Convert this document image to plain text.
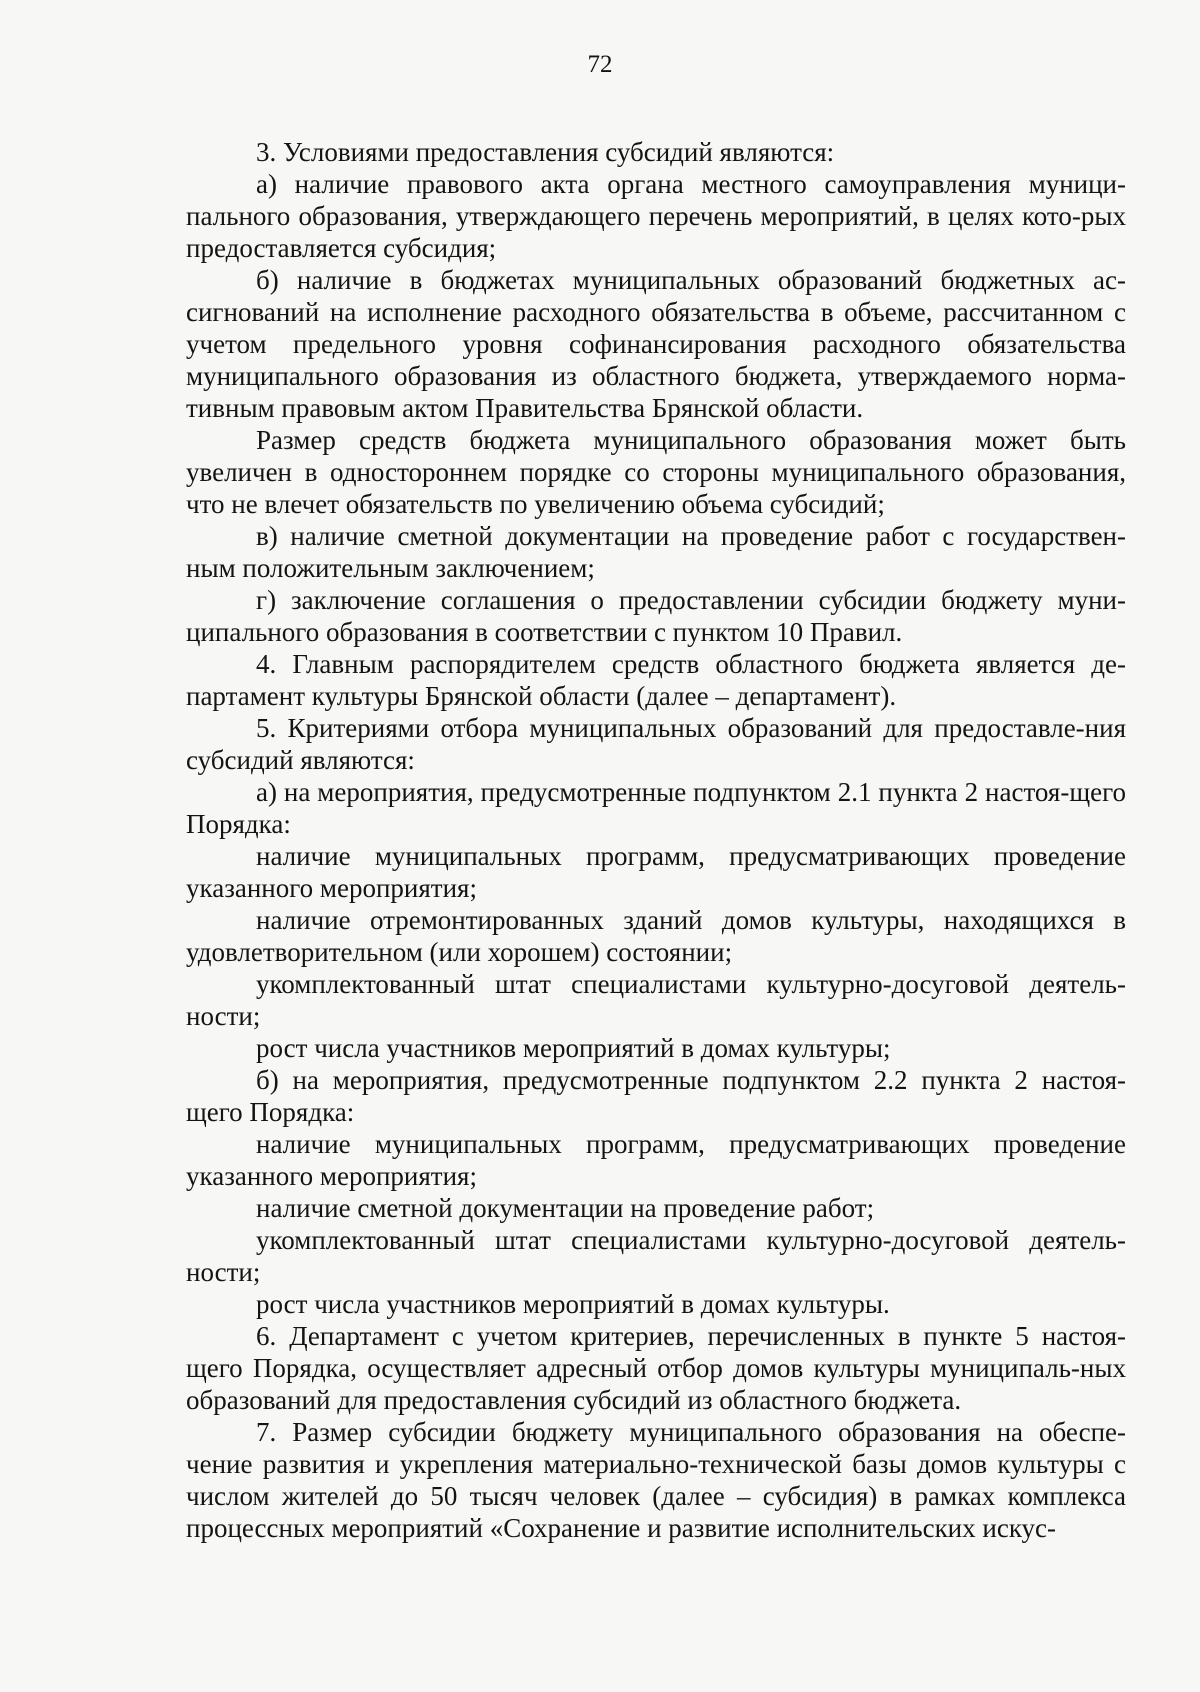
72

3. Условиями предоставления субсидий являются:

а) наличие правового акта органа местного самоуправления муници-пального образования, утверждающего перечень мероприятий, в целях кото-рых предоставляется субсидия;

б) наличие в бюджетах муниципальных образований бюджетных ас-сигнований на исполнение расходного обязательства в объеме, рассчитанном с учетом предельного уровня софинансирования расходного обязательства муниципального образования из областного бюджета, утверждаемого норма-тивным правовым актом Правительства Брянской области.

Размер средств бюджета муниципального образования может быть увеличен в одностороннем порядке со стороны муниципального образования, что не влечет обязательств по увеличению объема субсидий;

в) наличие сметной документации на проведение работ с государствен-ным положительным заключением;

г) заключение соглашения о предоставлении субсидии бюджету муни-ципального образования в соответствии с пунктом 10 Правил.

4. Главным распорядителем средств областного бюджета является де-партамент культуры Брянской области (далее – департамент).

5. Критериями отбора муниципальных образований для предоставле-ния субсидий являются:

а) на мероприятия, предусмотренные подпунктом 2.1 пункта 2 настоя-щего Порядка:

наличие муниципальных программ, предусматривающих проведение указанного мероприятия;

наличие отремонтированных зданий домов культуры, находящихся в удовлетворительном (или хорошем) состоянии;

укомплектованный штат специалистами культурно-досуговой деятель-ности;

рост числа участников мероприятий в домах культуры;

б) на мероприятия, предусмотренные подпунктом 2.2 пункта 2 настоя-щего Порядка:

наличие муниципальных программ, предусматривающих проведение указанного мероприятия;

наличие сметной документации на проведение работ;

укомплектованный штат специалистами культурно-досуговой деятель-ности;

рост числа участников мероприятий в домах культуры.

6. Департамент с учетом критериев, перечисленных в пункте 5 настоя-щего Порядка, осуществляет адресный отбор домов культуры муниципаль-ных образований для предоставления субсидий из областного бюджета.

7. Размер субсидии бюджету муниципального образования на обеспе-чение развития и укрепления материально-технической базы домов культуры с числом жителей до 50 тысяч человек (далее – субсидия) в рамках комплекса процессных мероприятий «Сохранение и развитие исполнительских искус-
